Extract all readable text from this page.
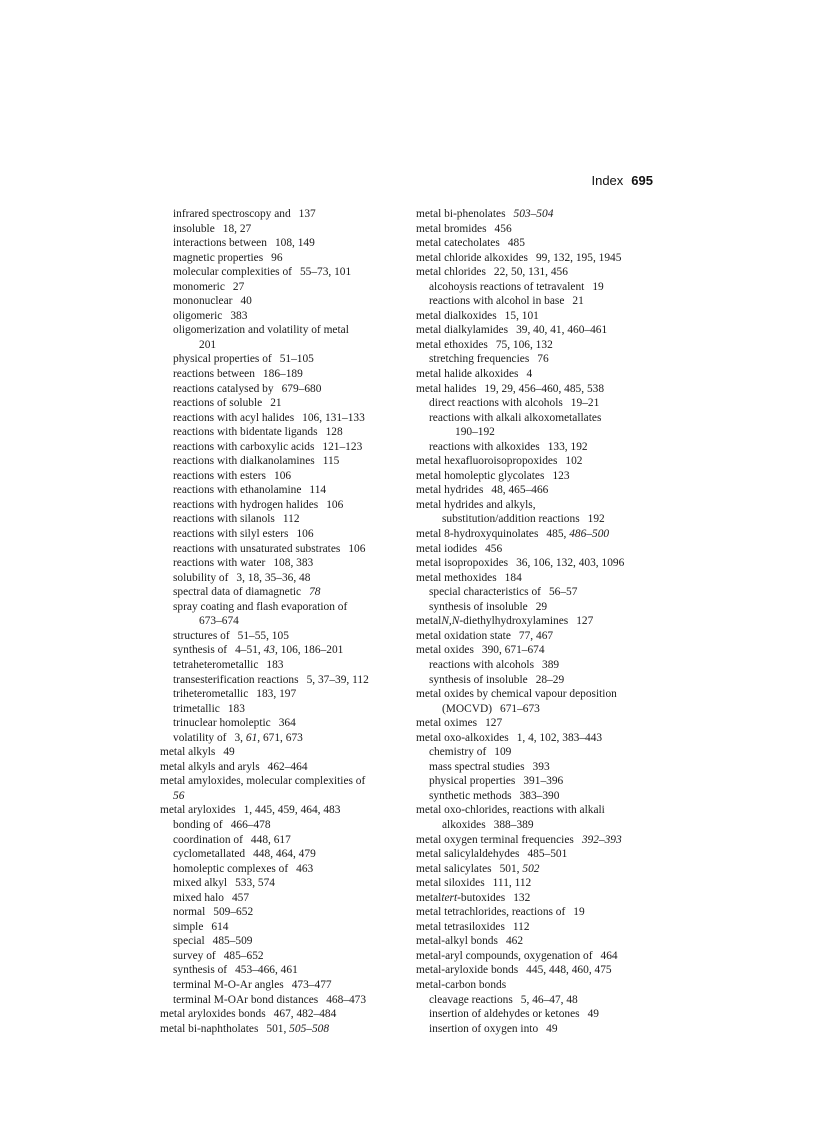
Index 695
infrared spectroscopy and 137
insoluble 18, 27
interactions between 108, 149
magnetic properties 96
molecular complexities of 55–73, 101
monomeric 27
mononuclear 40
oligomeric 383
oligomerization and volatility of metal
201
physical properties of 51–105
reactions between 186–189
reactions catalysed by 679–680
reactions of soluble 21
reactions with acyl halides 106, 131–133
reactions with bidentate ligands 128
reactions with carboxylic acids 121–123
reactions with dialkanolamines 115
reactions with esters 106
reactions with ethanolamine 114
reactions with hydrogen halides 106
reactions with silanols 112
reactions with silyl esters 106
reactions with unsaturated substrates 106
reactions with water 108, 383
solubility of 3, 18, 35–36, 48
spectral data of diamagnetic 78
spray coating and flash evaporation of
673–674
structures of 51–55, 105
synthesis of 4–51, 43, 106, 186–201
tetraheterometallic 183
transesterification reactions 5, 37–39, 112
triheterometallic 183, 197
trimetallic 183
trinuclear homoleptic 364
volatility of 3, 61, 671, 673
metal alkyls 49
metal alkyls and aryls 462–464
metal amyloxides, molecular complexities of
56
metal aryloxides 1, 445, 459, 464, 483
bonding of 466–478
coordination of 448, 617
cyclometallated 448, 464, 479
homoleptic complexes of 463
mixed alkyl 533, 574
mixed halo 457
normal 509–652
simple 614
special 485–509
survey of 485–652
synthesis of 453–466, 461
terminal M-O-Ar angles 473–477
terminal M-OAr bond distances 468–473
metal aryloxides bonds 467, 482–484
metal bi-naphtholates 501, 505–508
metal bi-phenolates 503–504
metal bromides 456
metal catecholates 485
metal chloride alkoxides 99, 132, 195, 1945
metal chlorides 22, 50, 131, 456
alcohoysis reactions of tetravalent 19
reactions with alcohol in base 21
metal dialkoxides 15, 101
metal dialkylamides 39, 40, 41, 460–461
metal ethoxides 75, 106, 132
stretching frequencies 76
metal halide alkoxides 4
metal halides 19, 29, 456–460, 485, 538
direct reactions with alcohols 19–21
reactions with alkali alkoxometallates
190–192
reactions with alkoxides 133, 192
metal hexafluoroisopropoxides 102
metal homoleptic glycolates 123
metal hydrides 48, 465–466
metal hydrides and alkyls,
substitution/addition reactions 192
metal 8-hydroxyquinolates 485, 486–500
metal iodides 456
metal isopropoxides 36, 106, 132, 403, 1096
metal methoxides 184
special characteristics of 56–57
synthesis of insoluble 29
metalN,N-diethylhydroxylamines 127
metal oxidation state 77, 467
metal oxides 390, 671–674
reactions with alcohols 389
synthesis of insoluble 28–29
metal oxides by chemical vapour deposition
(MOCVD) 671–673
metal oximes 127
metal oxo-alkoxides 1, 4, 102, 383–443
chemistry of 109
mass spectral studies 393
physical properties 391–396
synthetic methods 383–390
metal oxo-chlorides, reactions with alkali
alkoxides 388–389
metal oxygen terminal frequencies 392–393
metal salicylaldehydes 485–501
metal salicylates 501, 502
metal siloxides 111, 112
metaltert-butoxides 132
metal tetrachlorides, reactions of 19
metal tetrasiloxides 112
metal-alkyl bonds 462
metal-aryl compounds, oxygenation of 464
metal-aryloxide bonds 445, 448, 460, 475
metal-carbon bonds
cleavage reactions 5, 46–47, 48
insertion of aldehydes or ketones 49
insertion of oxygen into 49
